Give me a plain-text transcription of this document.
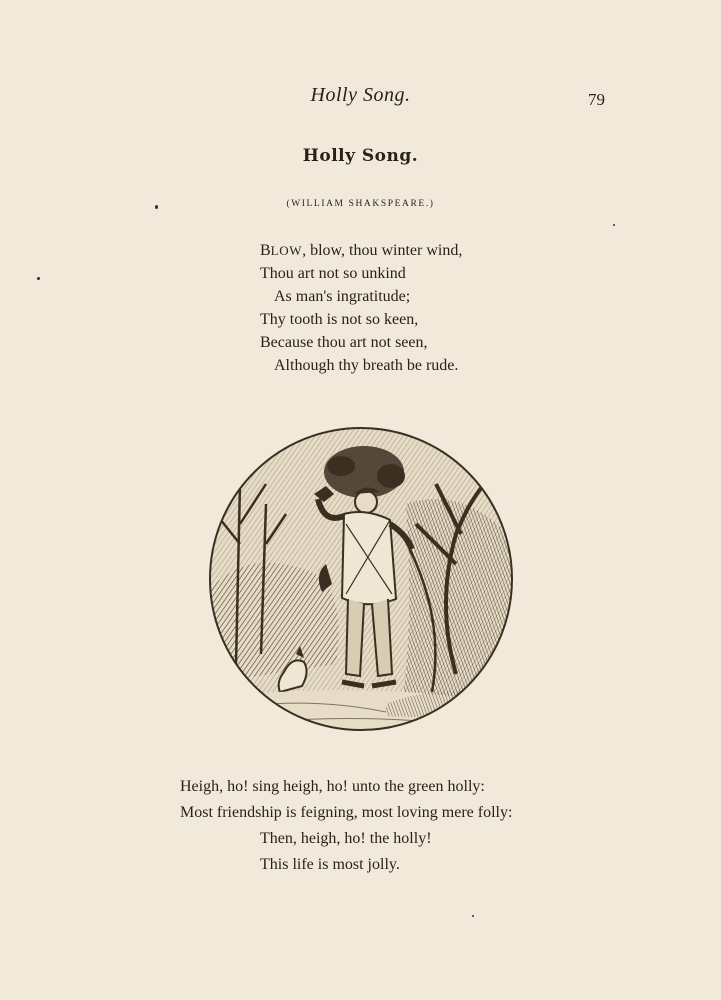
Holly Song.	79
Holly Song.
(WILLIAM SHAKSPEARE.)
BLOW, blow, thou winter wind,
Thou art not so unkind
As man's ingratitude;
Thy tooth is not so keen,
Because thou art not seen,
Although thy breath be rude.
Heigh, ho! sing heigh, ho! unto the green holly:
Most friendship is feigning, most loving mere folly:
Then, heigh, ho! the holly!
This life is most jolly.
